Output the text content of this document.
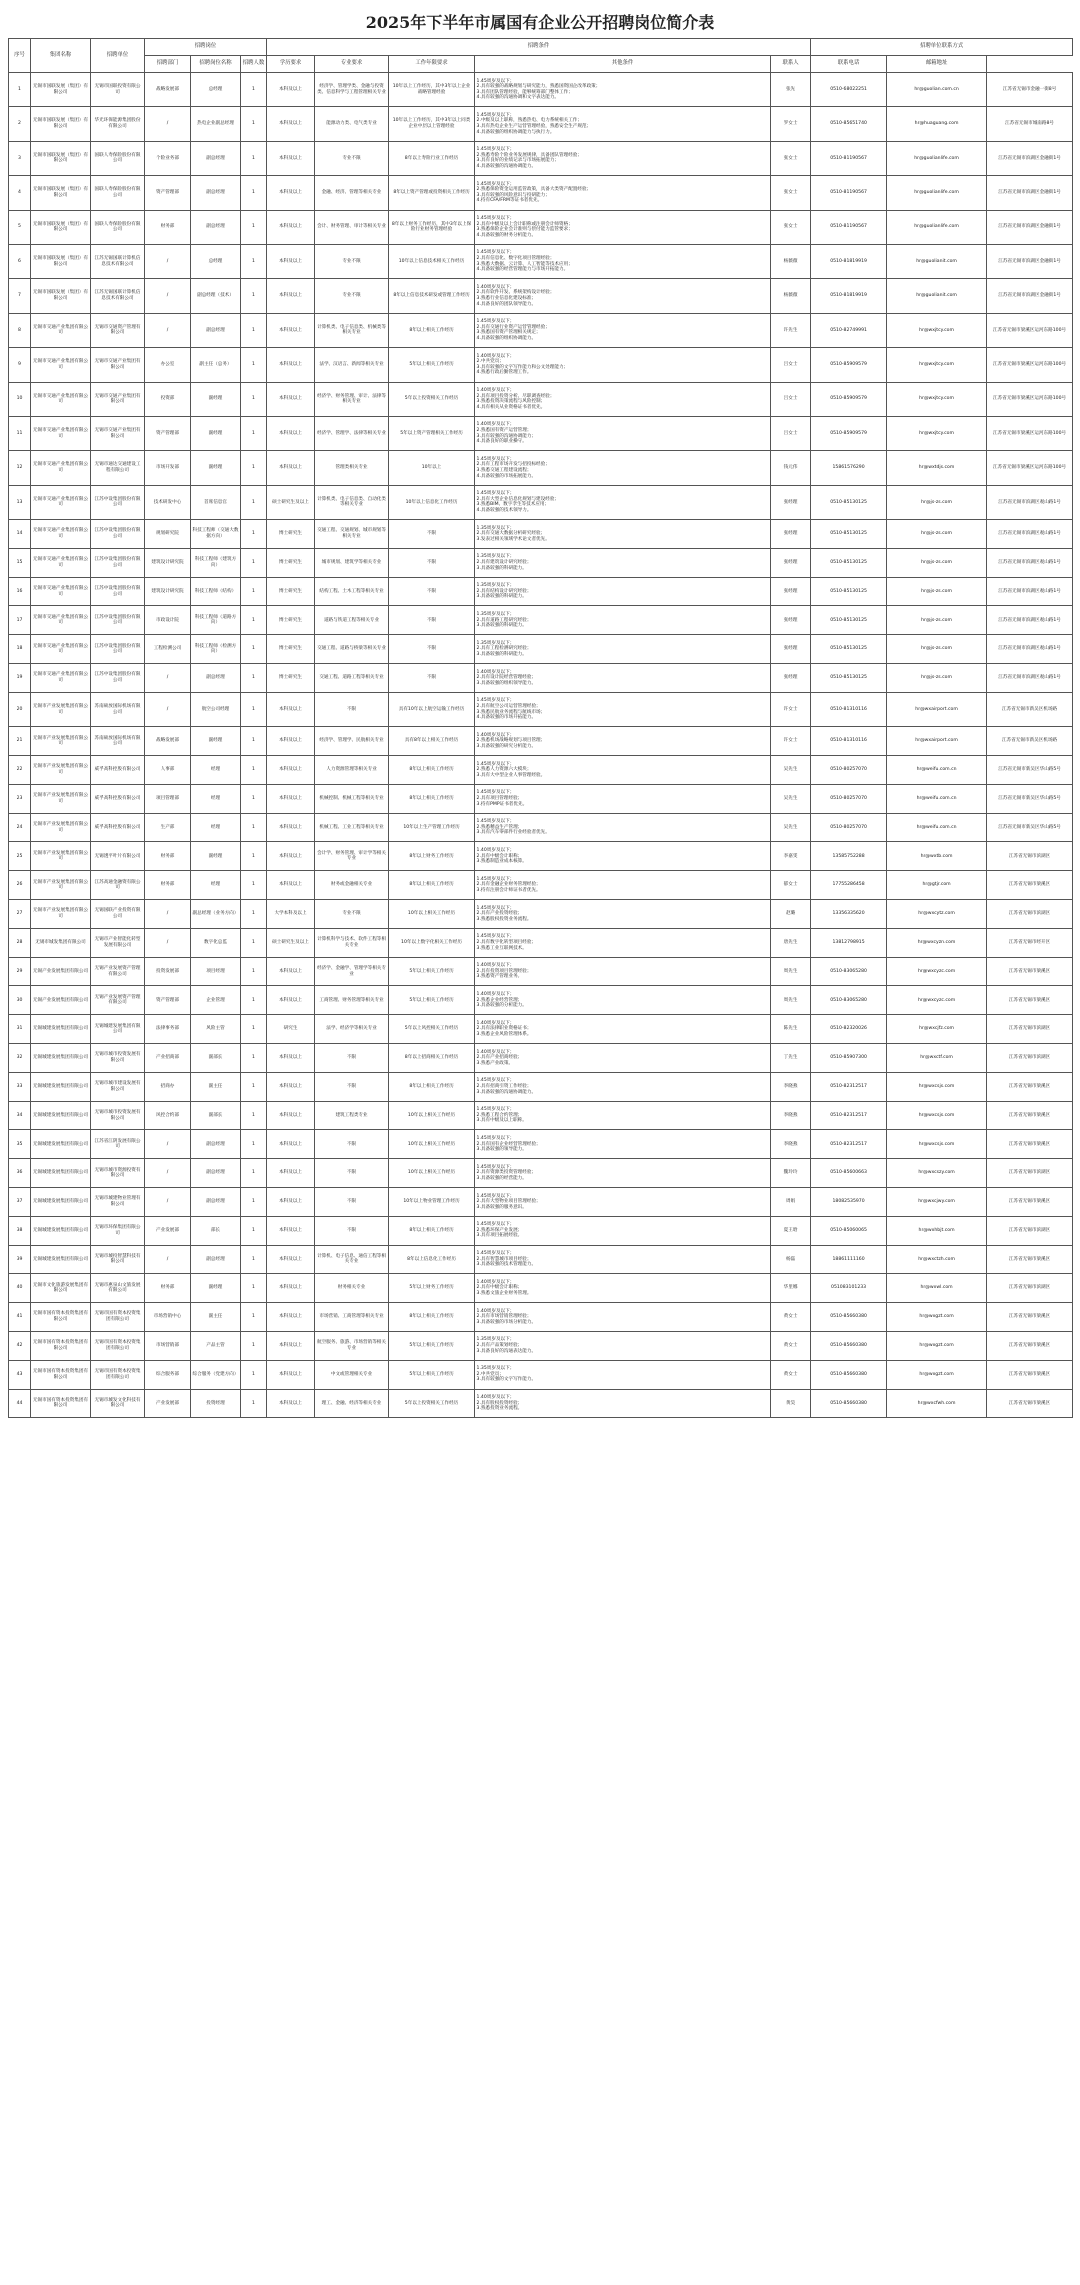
2025年下半年市属国有企业公开招聘岗位简介表
序号	集团名称	招聘单位	招聘岗位			招聘条件					招聘单位联系方式		
			招聘部门	招聘岗位名称	招聘人数	学历要求	专业要求	工作年限要求	其他条件	联系人	联系电话	邮箱地址	
1	无锡市国联发展（集团）有限公司	无锡市国联投资有限公司	战略发展部	总经理	1	本科及以上	经济学、管理学类、金融与投资类、信息科学与工程管理相关专业	10年以上工作经历，其中3年以上企业战略管理经验	1.45周岁及以下；
2.具有较强的战略规划与研究能力，熟悉国资国企改革政策；
3.具有团队管理经验，能够统筹部门整体工作；
4.具有较强的沟通协调和文字表达能力。	张先	0510-68022251	hr@guolian.com.cn	江苏省无锡市金融一街8号
2	无锡市国联发展（集团）有限公司	华光环保能源集团股份有限公司	/	热电企业副总经理	1	本科及以上	能源动力类、电气类专业	10年以上工作经历，其中3年以上同类企业中层以上管理经验	1.45周岁及以下；
2.中级及以上职称，熟悉热电、电力系统相关工作；
3.具有热电企业生产运营管理经验，熟悉安全生产规范；
4.具备较强的组织协调能力与执行力。	罗女士	0510-85651740	hr@huaguang.com	江苏省无锡市城南路8号
3	无锡市国联发展（集团）有限公司	国联人寿保险股份有限公司	个险业务部	副总经理	1	本科及以上	专业不限	8年以上寿险行业工作经历	1.45周岁及以下；
2.熟悉寿险个险业务发展规律，具备团队管理经验；
3.具有良好的业绩记录与市场拓展能力；
4.具备较强的沟通协调能力。	张女士	0510-81190567	hr@guolianlife.com	江苏省无锡市滨湖区金融街1号
4	无锡市国联发展（集团）有限公司	国联人寿保险股份有限公司	资产管理部	副总经理	1	本科及以上	金融、经济、管理等相关专业	8年以上资产管理或投资相关工作经历	1.45周岁及以下；
2.熟悉保险资金运用监管政策，具备大类资产配置经验；
3.具有较强的风险意识与投研能力；
4.持有CFA/FRM等证书者优先。	张女士	0510-81190567	hr@guolianlife.com	江苏省无锡市滨湖区金融街1号
5	无锡市国联发展（集团）有限公司	国联人寿保险股份有限公司	财务部	副总经理	1	本科及以上	会计、财务管理、审计等相关专业	8年以上财务工作经历，其中3年以上保险行业财务管理经验	1.45周岁及以下；
2.具有中级及以上会计职称或注册会计师资格；
3.熟悉保险企业会计准则与偿付能力监管要求；
4.具备较强的财务分析能力。	张女士	0510-81190567	hr@guolianlife.com	江苏省无锡市滨湖区金融街1号
6	无锡市国联发展（集团）有限公司	江苏无锡国联计算机信息技术有限公司	/	总经理	1	本科及以上	专业不限	10年以上信息技术相关工作经历	1.45周岁及以下；
2.具有信息化、数字化项目管理经验；
3.熟悉大数据、云计算、人工智能等技术应用；
4.具备较强的经营管理能力与市场开拓能力。	杨薇薇	0510-81819919	hr@guolianit.com	江苏省无锡市滨湖区金融街1号
7	无锡市国联发展（集团）有限公司	江苏无锡国联计算机信息技术有限公司	/	副总经理（技术）	1	本科及以上	专业不限	8年以上信息技术研发或管理工作经历	1.40周岁及以下；
2.具有软件开发、系统架构设计经验；
3.熟悉行业信息化建设标准；
4.具备良好的团队领导能力。	杨薇薇	0510-81819919	hr@guolianit.com	江苏省无锡市滨湖区金融街1号
8	无锡市交通产业集团有限公司	无锡市交通资产管理有限公司	/	副总经理	1	本科及以上	计算机类、电子信息类、机械类等相关专业	8年以上相关工作经历	1.45周岁及以下；
2.具有交通行业资产运营管理经验；
3.熟悉国有资产管理相关规定；
4.具备较强的组织协调能力。	许先生	0510-82749991	hr@wxjtcy.com	江苏省无锡市梁溪区运河东路100号
9	无锡市交通产业集团有限公司	无锡市交通产业集团有限公司	办公室	副主任（总务）	1	本科及以上	法学、汉语言、新闻等相关专业	5年以上相关工作经历	1.40周岁及以下；
2.中共党员；
3.具有较强的文字写作能力和公文处理能力；
4.熟悉行政后勤管理工作。	吕女士	0510-85909579	hr@wxjtcy.com	江苏省无锡市梁溪区运河东路100号
10	无锡市交通产业集团有限公司	无锡市交通产业集团有限公司	投资部	副经理	1	本科及以上	经济学、财务管理、审计、法律等相关专业	5年以上投资相关工作经历	1.40周岁及以下；
2.具有项目投资分析、尽职调查经验；
3.熟悉投资决策流程与风险控制；
4.具有相关从业资格证书者优先。	吕女士	0510-85909579	hr@wxjtcy.com	江苏省无锡市梁溪区运河东路100号
11	无锡市交通产业集团有限公司	无锡市交通产业集团有限公司	资产管理部	副经理	1	本科及以上	经济学、管理学、法律等相关专业	5年以上资产管理相关工作经历	1.40周岁及以下；
2.熟悉国有资产运营管理；
3.具有较强的沟通协调能力；
4.具备良好的职业操守。	吕女士	0510-85909579	hr@wxjtcy.com	江苏省无锡市梁溪区运河东路100号
12	无锡市交通产业集团有限公司	无锡市通达交通建设工程有限公司	市场开发部	副经理	1	本科及以上	管理类相关专业	10年以上	1.45周岁及以下；
2.具有工程市场开发与招投标经验；
3.熟悉交通工程建设流程；
4.具备较强的市场拓展能力。	钱元伟	15861576290	hr@wxtdjs.com	江苏省无锡市梁溪区运河东路100号
13	无锡市交通产业集团有限公司	江苏中设集团股份有限公司	技术研发中心	首席信息官	1	硕士研究生及以上	计算机类、电子信息类、自动化类等相关专业	10年以上信息化工作经历	1.45周岁及以下；
2.具有大型企业信息化规划与建设经验；
3.熟悉BIM、数字孪生等技术应用；
4.具备较强的技术领导力。	张经理	0510-85130125	hr@js-zs.com	江苏省无锡市滨湖区观山路1号
14	无锡市交通产业集团有限公司	江苏中设集团股份有限公司	规划研究院	科技工程师（交通大数据方向）	1	博士研究生	交通工程、交通规划、城市规划等相关专业	不限	1.35周岁及以下；
2.具有交通大数据分析研究经验；
3.发表过相关领域学术论文者优先。	张经理	0510-85130125	hr@js-zs.com	江苏省无锡市滨湖区观山路1号
15	无锡市交通产业集团有限公司	江苏中设集团股份有限公司	建筑设计研究院	科技工程师（建筑方向）	1	博士研究生	城市规划、建筑学等相关专业	不限	1.35周岁及以下；
2.具有建筑设计研究经验；
3.具备较强的科研能力。	张经理	0510-85130125	hr@js-zs.com	江苏省无锡市滨湖区观山路1号
16	无锡市交通产业集团有限公司	江苏中设集团股份有限公司	建筑设计研究院	科技工程师（结构）	1	博士研究生	结构工程、土木工程等相关专业	不限	1.35周岁及以下；
2.具有结构设计研究经验；
3.具备较强的科研能力。	张经理	0510-85130125	hr@js-zs.com	江苏省无锡市滨湖区观山路1号
17	无锡市交通产业集团有限公司	江苏中设集团股份有限公司	市政设计院	科技工程师（道路方向）	1	博士研究生	道路与铁道工程等相关专业	不限	1.35周岁及以下；
2.具有道路工程研究经验；
3.具备较强的科研能力。	张经理	0510-85130125	hr@js-zs.com	江苏省无锡市滨湖区观山路1号
18	无锡市交通产业集团有限公司	江苏中设集团股份有限公司	工程检测公司	科技工程师（检测方向）	1	博士研究生	交通工程、道路与桥梁等相关专业	不限	1.35周岁及以下；
2.具有工程检测研究经验；
3.具备较强的科研能力。	张经理	0510-85130125	hr@js-zs.com	江苏省无锡市滨湖区观山路1号
19	无锡市交通产业集团有限公司	江苏中设集团股份有限公司	/	副总经理	1	博士研究生	交通工程、道路工程等相关专业	不限	1.40周岁及以下；
2.具有设计院经营管理经验；
3.具备较强的组织领导能力。	张经理	0510-85130125	hr@js-zs.com	江苏省无锡市滨湖区观山路1号
20	无锡市产业发展集团有限公司	苏南硕放国际机场有限公司	/	航空公司经理	1	本科及以上	不限	具有10年以上航空运输工作经历	1.45周岁及以下；
2.具有航空公司运营管理经验；
3.熟悉民航业务流程与航线市场；
4.具备较强的市场开拓能力。	许女士	0510-81310116	hr@wxairport.com	江苏省无锡市新吴区机场路
21	无锡市产业发展集团有限公司	苏南硕放国际机场有限公司	战略发展部	副经理	1	本科及以上	经济学、管理学、民航相关专业	具有8年以上相关工作经历	1.40周岁及以下；
2.熟悉机场战略规划与项目管理；
3.具备较强的研究分析能力。	许女士	0510-81310116	hr@wxairport.com	江苏省无锡市新吴区机场路
22	无锡市产业发展集团有限公司	威孚高科控股有限公司	人事部	经理	1	本科及以上	人力资源管理等相关专业	8年以上相关工作经历	1.45周岁及以下；
2.熟悉人力资源六大模块；
3.具有大中型企业人事管理经验。	吴先生	0510-80257070	hr@weifu.com.cn	江苏省无锡市新吴区华山路5号
23	无锡市产业发展集团有限公司	威孚高科控股有限公司	项目管理部	经理	1	本科及以上	机械控制、机械工程等相关专业	8年以上相关工作经历	1.45周岁及以下；
2.具有项目管理经验；
3.持有PMP证书者优先。	吴先生	0510-80257070	hr@weifu.com.cn	江苏省无锡市新吴区华山路5号
24	无锡市产业发展集团有限公司	威孚高科控股有限公司	生产部	经理	1	本科及以上	机械工程、工业工程等相关专业	10年以上生产管理工作经历	1.45周岁及以下；
2.熟悉精益生产管理；
3.具有汽车零部件行业经验者优先。	吴先生	0510-80257070	hr@weifu.com.cn	江苏省无锡市新吴区华山路5号
25	无锡市产业发展集团有限公司	无锡透平叶片有限公司	财务部	副经理	1	本科及以上	会计学、财务管理、审计学等相关专业	8年以上财务工作经历	1.40周岁及以下；
2.具有中级会计职称；
3.熟悉制造业成本核算。	李嘉雯	13585752288	hr@wxtb.com	江苏省无锡市滨湖区
26	无锡市产业发展集团有限公司	江苏高通金融资有限公司	财务部	经理	1	本科及以上	财务或金融相关专业	8年以上相关工作经历	1.45周岁及以下；
2.具有金融企业财务管理经验；
3.持有注册会计师证书者优先。	郁女士	17755286458	hr@gtjr.com	江苏省无锡市梁溪区
27	无锡市产业发展集团有限公司	无锡国联产业投资有限公司	/	副总经理（业务方向）	1	大学本科及以上	专业不限	10年以上相关工作经历	1.45周岁及以下；
2.具有产业投资经验；
3.熟悉股权投资业务流程。	赵璐	13356335620	hr@wxcytz.com	江苏省无锡市滨湖区
28	无锡市城发集团有限公司	无锡市产业智能化转型发展有限公司	/	数字化总监	1	硕士研究生及以上	计算机科学与技术、软件工程等相关专业	10年以上数字化相关工作经历	1.45周岁及以下；
2.具有数字化转型项目经验；
3.熟悉工业互联网技术。	唐先生	13812798915	hr@wxcyzn.com	江苏省无锡市经开区
29	无锡产业发展集团有限公司	无锡产业发展资产管理有限公司	投资发展部	项目经理	1	本科及以上	经济学、金融学、管理学等相关专业	5年以上相关工作经历	1.40周岁及以下；
2.具有投资项目管理经验；
3.熟悉资产管理业务。	周先生	0510-83065280	hr@wxcyzc.com	江苏省无锡市梁溪区
30	无锡产业发展集团有限公司	无锡产业发展资产管理有限公司	资产管理部	企业管理	1	本科及以上	工商管理、财务管理等相关专业	5年以上相关工作经历	1.40周岁及以下；
2.熟悉企业经营管理；
3.具备较强的分析能力。	周先生	0510-83065280	hr@wxcyzc.com	江苏省无锡市梁溪区
31	无锡城建发展集团有限公司	无锡城建发展集团有限公司	法律事务部	风险主管	1	研究生	法学、经济学等相关专业	5年以上风控相关工作经历	1.40周岁及以下；
2.具有法律职业资格证书；
3.熟悉企业风险管理体系。	陈先生	0510-82320026	hr@wxcjfz.com	江苏省无锡市滨湖区
32	无锡城建发展集团有限公司	无锡市城市投资发展有限公司	产业招商部	副部长	1	本科及以上	不限	8年以上招商相关工作经历	1.40周岁及以下；
2.具有产业招商经验；
3.熟悉产业政策。	丁先生	0510-85907300	hr@wxctf.com	江苏省无锡市滨湖区
33	无锡城建发展集团有限公司	无锡市城市建设发展有限公司	招商办	副主任	1	本科及以上	不限	8年以上相关工作经历	1.45周岁及以下；
2.具有招商引资工作经验；
3.具备较强的沟通协调能力。	李晓燕	0510-82312517	hr@wxcsjs.com	江苏省无锡市梁溪区
34	无锡城建发展集团有限公司	无锡市城市投资发展有限公司	风控合约部	副部长	1	本科及以上	建筑工程类专业	10年以上相关工作经历	1.45周岁及以下；
2.熟悉工程合约管理；
3.具有中级及以上职称。	李晓燕	0510-82312517	hr@wxcsjs.com	江苏省无锡市梁溪区
35	无锡城建发展集团有限公司	江苏省江阴发展有限公司	/	副总经理	1	本科及以上	不限	10年以上相关工作经历	1.45周岁及以下；
2.具有国有企业经营管理经验；
3.具备较强的领导能力。	李晓燕	0510-82312517	hr@wxcsjs.com	江苏省无锡市梁溪区
36	无锡城建发展集团有限公司	无锡市城市资源投资有限公司	/	副总经理	1	本科及以上	不限	10年以上相关工作经历	1.45周岁及以下；
2.具有资源类投资管理经验；
3.具备较强的经营能力。	魏玲玲	0510-85600663	hr@wxcszy.com	江苏省无锡市滨湖区
37	无锡城建发展集团有限公司	无锡市城建物业管理有限公司	/	副总经理	1	本科及以上	不限	10年以上物业管理工作经历	1.45周岁及以下；
2.具有大型物业项目管理经验；
3.具备较强的服务意识。	周娟	18082535970	hr@wxcjwy.com	江苏省无锡市梁溪区
38	无锡城建发展集团有限公司	无锡市环保集团有限公司	产业发展部	部长	1	本科及以上	不限	8年以上相关工作经历	1.45周岁及以下；
2.熟悉环保产业发展；
3.具有项目拓展经验。	夏王晗	0510-85060065	hr@wxhbjt.com	江苏省无锡市滨湖区
39	无锡城建发展集团有限公司	无锡市城投智慧科技有限公司	/	副总经理	1	本科及以上	计算机、电子信息、通信工程等相关专业	8年以上信息化工作经历	1.45周岁及以下；
2.具有智慧城市项目经验；
3.具备较强的技术管理能力。	杨磊	18861111160	hr@wxctzh.com	江苏省无锡市梁溪区
40	无锡市文化旅游发展集团有限公司	无锡市惠泉山文旅发展有限公司	财务部	副经理	1	本科及以上	财务相关专业	5年以上财务工作经历	1.40周岁及以下；
2.具有中级会计职称；
3.熟悉文旅企业财务管理。	华里娜	051083101233	hr@wxwl.com	江苏省无锡市滨湖区
41	无锡市国有资本投资集团有限公司	无锡市国有资本投资集团有限公司	市场营销中心	副主任	1	本科及以上	市场营销、工商管理等相关专业	8年以上相关工作经历	1.40周岁及以下；
2.具有市场营销管理经验；
3.具备较强的市场分析能力。	黄女士	0510-85660380	hr@wxgzt.com	江苏省无锡市梁溪区
42	无锡市国有资本投资集团有限公司	无锡市国有资本投资集团有限公司	市场营销部	产品主管	1	本科及以上	航空服务、旅游、市场营销等相关专业	5年以上相关工作经历	1.35周岁及以下；
2.具有产品策划经验；
3.具备良好的沟通表达能力。	黄女士	0510-85660380	hr@wxgzt.com	江苏省无锡市梁溪区
43	无锡市国有资本投资集团有限公司	无锡市国有资本投资集团有限公司	综合服务部	综合服务（党建方向）	1	本科及以上	中文或管理相关专业	5年以上相关工作经历	1.35周岁及以下；
2.中共党员；
3.具有较强的文字写作能力。	黄女士	0510-85660380	hr@wxgzt.com	江苏省无锡市梁溪区
44	无锡市国有资本投资集团有限公司	无锡市城发文化科技有限公司	产业发展部	投资经理	1	本科及以上	理工、金融、经济等相关专业	5年以上投资相关工作经历	1.40周岁及以下；
2.具有股权投资经验；
3.熟悉投资业务流程。	黄昊	0510-85660380	hr@wxcfwh.com	江苏省无锡市梁溪区
